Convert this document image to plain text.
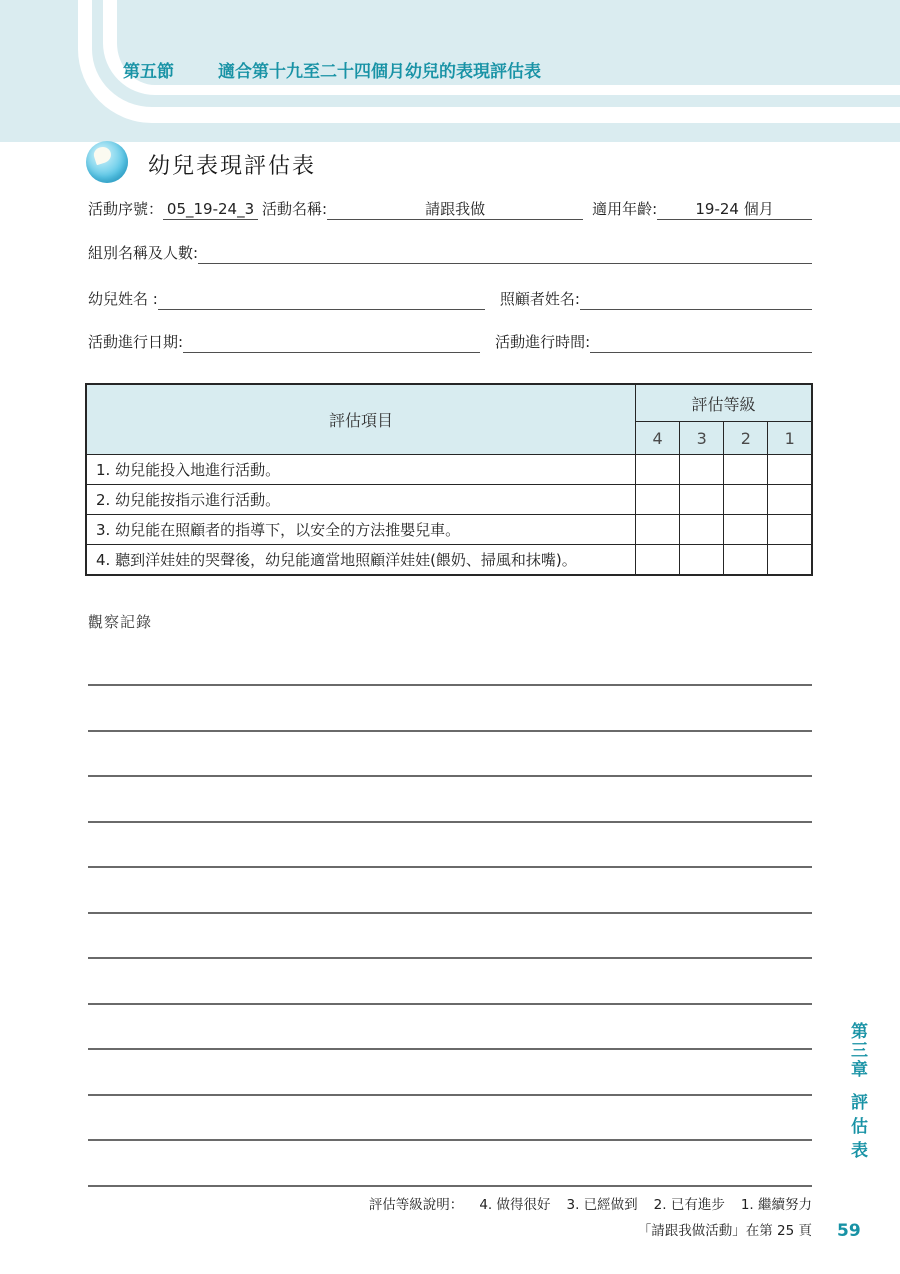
第五節	適合第十九至二十四個月幼兒的表現評估表
幼兒表現評估表
活動序號： 05_19-24_3 活動名稱:	請跟我做	適用年齡:	19-24 個月
組別名稱及人數:
幼兒姓名 :	照顧者姓名:
活動進行日期:	活動進行時間:
評估項目	評估等級			
	4	3	2	1
1. 幼兒能投入地進行活動。				
2. 幼兒能按指示進行活動。				
3. 幼兒能在照顧者的指導下，以安全的方法推嬰兒車。				
4. 聽到洋娃娃的哭聲後，幼兒能適當地照顧洋娃娃(餵奶、掃風和抹嘴)。				
觀察記錄
第三章評估表
評估等級說明： 4. 做得很好 3. 已經做到 2. 已有進步 1. 繼續努力
「請跟我做活動」在第 25 頁 59
